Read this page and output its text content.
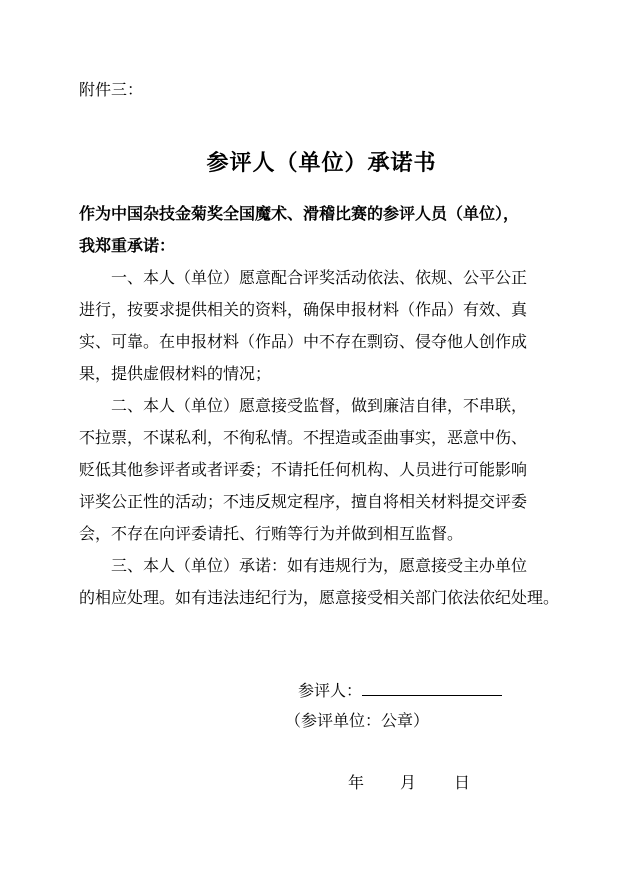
附件三：
参评人（单位）承诺书
作为中国杂技金菊奖全国魔术、滑稽比赛的参评人员（单位），
我郑重承诺：
　　一、本人（单位）愿意配合评奖活动依法、依规、公平公正
进行，按要求提供相关的资料，确保申报材料（作品）有效、真
实、可靠。在申报材料（作品）中不存在剽窃、侵夺他人创作成
果，提供虚假材料的情况；
　　二、本人（单位）愿意接受监督，做到廉洁自律，不串联，
不拉票，不谋私利，不徇私情。不捏造或歪曲事实，恶意中伤、
贬低其他参评者或者评委；不请托任何机构、人员进行可能影响
评奖公正性的活动；不违反规定程序，擅自将相关材料提交评委
会，不存在向评委请托、行贿等行为并做到相互监督。
　　三、本人（单位）承诺：如有违规行为，愿意接受主办单位
的相应处理。如有违法违纪行为，愿意接受相关部门依法依纪处理。
参评人：
（参评单位：公章）
年 月 日
